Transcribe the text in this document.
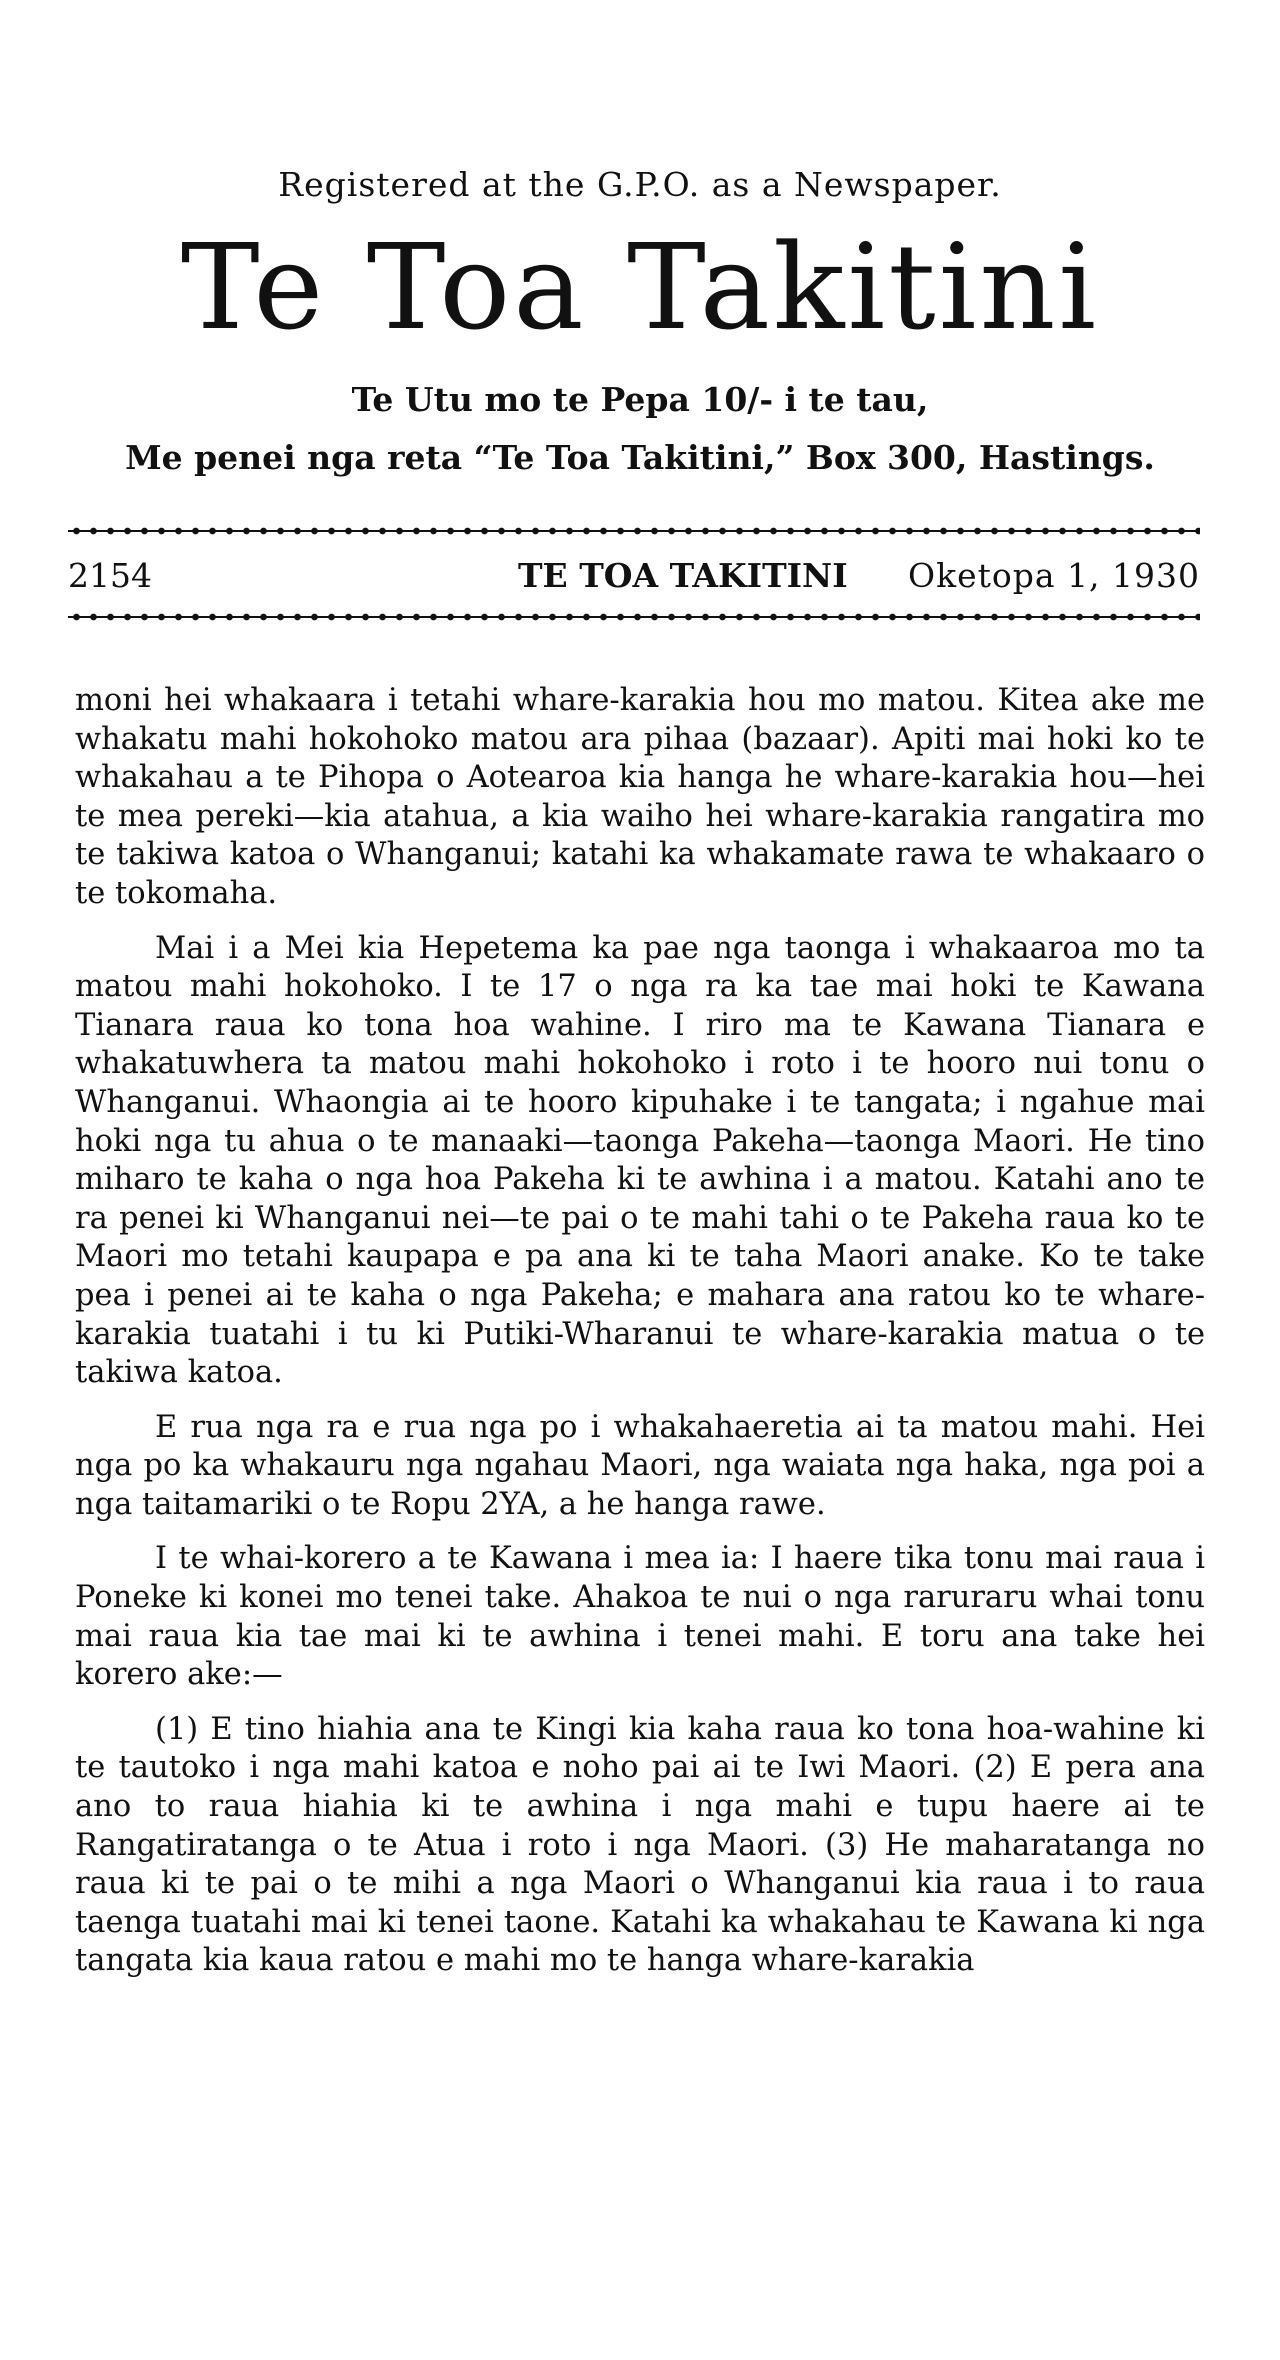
Registered at the G.P.O. as a Newspaper.
Te Toa Takitini
Te Utu mo te Pepa 10/- i te tau,
Me penei nga reta “Te Toa Takitini,” Box 300, Hastings.
2154	TE TOA TAKITINI Oketopa 1, 1930

moni hei whakaara i tetahi whare-karakia hou mo matou. Kitea ake me whakatu mahi hokohoko matou ara pihaa (bazaar). Apiti mai hoki ko te whakahau a te Pihopa o Aotearoa kia hanga he whare-karakia hou—hei te mea pereki—kia atahua, a kia waiho hei whare-karakia rangatira mo te takiwa katoa o Whanganui; katahi ka whakamate rawa te whakaaro o te tokomaha.

Mai i a Mei kia Hepetema ka pae nga taonga i whakaaroa mo ta matou mahi hokohoko. I te 17 o nga ra ka tae mai hoki te Kawana Tianara raua ko tona hoa wahine. I riro ma te Kawana Tianara e whakatuwhera ta matou mahi hokohoko i roto i te hooro nui tonu o Whanganui. Whaongia ai te hooro kipuhake i te tangata; i ngahue mai hoki nga tu ahua o te manaaki—taonga Pakeha—taonga Maori. He tino miharo te kaha o nga hoa Pakeha ki te awhina i a matou. Katahi ano te ra penei ki Whanganui nei—te pai o te mahi tahi o te Pakeha raua ko te Maori mo tetahi kaupapa e pa ana ki te taha Maori anake. Ko te take pea i penei ai te kaha o nga Pakeha; e mahara ana ratou ko te whare-karakia tuatahi i tu ki Putiki-Wharanui te whare-karakia matua o te takiwa katoa.

E rua nga ra e rua nga po i whakahaeretia ai ta matou mahi. Hei nga po ka whakauru nga ngahau Maori, nga waiata nga haka, nga poi a nga taitamariki o te Ropu 2YA, a he hanga rawe.

I te whai-korero a te Kawana i mea ia: I haere tika tonu mai raua i Poneke ki konei mo tenei take. Ahakoa te nui o nga raruraru whai tonu mai raua kia tae mai ki te awhina i tenei mahi. E toru ana take hei korero ake:—

(1) E tino hiahia ana te Kingi kia kaha raua ko tona hoa-wahine ki te tautoko i nga mahi katoa e noho pai ai te Iwi Maori. (2) E pera ana ano to raua hiahia ki te awhina i nga mahi e tupu haere ai te Rangatiratanga o te Atua i roto i nga Maori. (3) He maharatanga no raua ki te pai o te mihi a nga Maori o Whanganui kia raua i to raua taenga tuatahi mai ki tenei taone. Katahi ka whakahau te Kawana ki nga tangata kia kaua ratou e mahi mo te hanga whare-karakia
